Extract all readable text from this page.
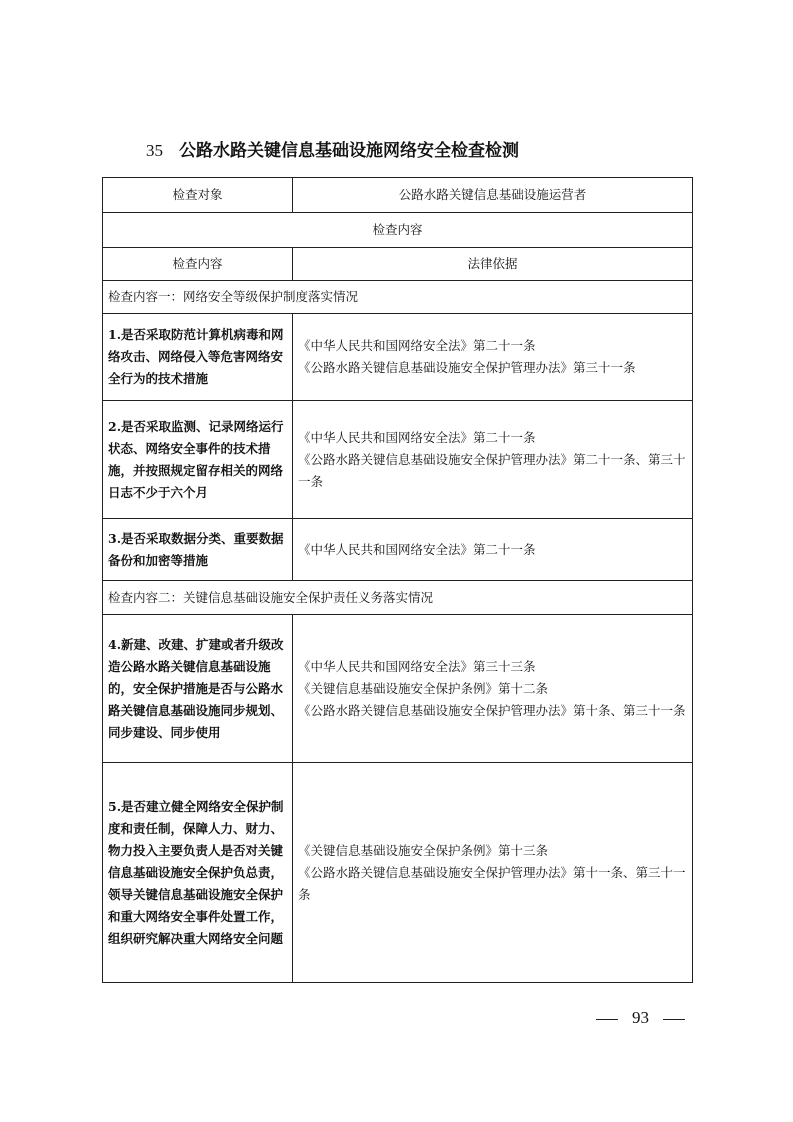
35 公路水路关键信息基础设施网络安全检查检测
检查对象	公路水路关键信息基础设施运营者
检查内容	
检查内容	法律依据
检查内容一：网络安全等级保护制度落实情况	
1.是否采取防范计算机病毒和网络攻击、网络侵入等危害网络安全行为的技术措施	《中华人民共和国网络安全法》第二十一条
《公路水路关键信息基础设施安全保护管理办法》第三十一条

2.是否采取监测、记录网络运行状态、网络安全事件的技术措施，并按照规定留存相关的网络日志不少于六个月	《中华人民共和国网络安全法》第二十一条
《公路水路关键信息基础设施安全保护管理办法》第二十一条、第三十一条

3.是否采取数据分类、重要数据备份和加密等措施	《中华人民共和国网络安全法》第二十一条

检查内容二：关键信息基础设施安全保护责任义务落实情况	
4.新建、改建、扩建或者升级改造公路水路关键信息基础设施的，安全保护措施是否与公路水路关键信息基础设施同步规划、同步建设、同步使用	《中华人民共和国网络安全法》第三十三条
《关键信息基础设施安全保护条例》第十二条
《公路水路关键信息基础设施安全保护管理办法》第十条、第三十一条

5.是否建立健全网络安全保护制度和责任制，保障人力、财力、物力投入主要负责人是否对关键信息基础设施安全保护负总责，领导关键信息基础设施安全保护和重大网络安全事件处置工作，组织研究解决重大网络安全问题	《关键信息基础设施安全保护条例》第十三条
《公路水路关键信息基础设施安全保护管理办法》第十一条、第三十一条
93
